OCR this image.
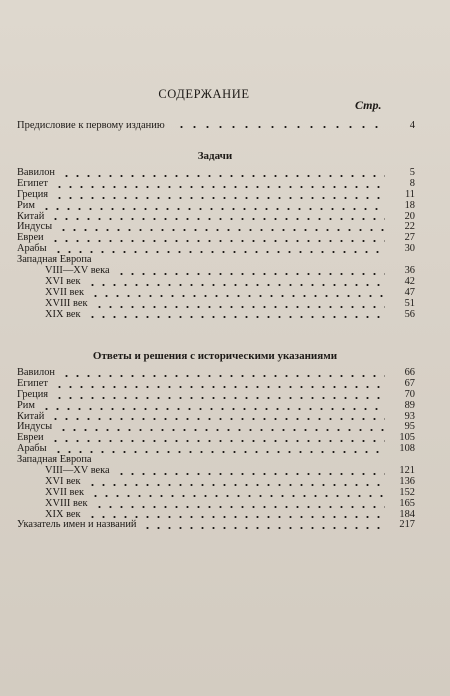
СОДЕРЖАНИЕ
Стр.
Предисловие к первому изданию	4
Задачи
Вавилон	5
Египет	8
Греция	11
Рим	18
Китай	20
Индусы	22
Евреи	27
Арабы	30
Западная Европа
VIII—XV века	36
XVI век	42
XVII век	47
XVIII век	51
XIX век	56
Ответы и решения с историческими указаниями
Вавилон	66
Египет	67
Греция	70
Рим	89
Китай	93
Индусы	95
Евреи	105
Арабы	108
Западная Европа
VIII—XV века	121
XVI век	136
XVII век	152
XVIII век	165
XIX век	184
Указатель имен и названий	217
